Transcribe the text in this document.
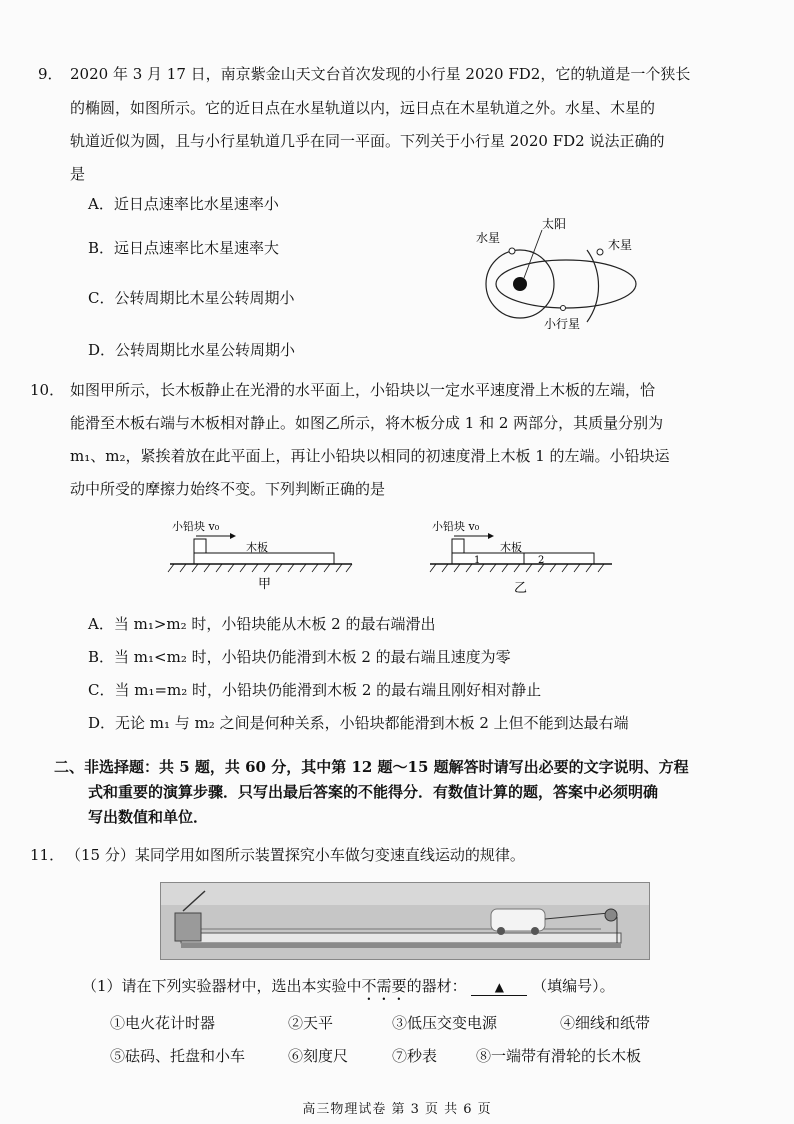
9． 2020 年 3 月 17 日，南京紫金山天文台首次发现的小行星 2020 FD2，它的轨道是一个狭长
的椭圆，如图所示。它的近日点在水星轨道以内，远日点在木星轨道之外。水星、木星的
轨道近似为圆，且与小行星轨道几乎在同一平面。下列关于小行星 2020 FD2 说法正确的
是
A．近日点速率比水星速率小
B．远日点速率比木星速率大
C．公转周期比木星公转周期小
D．公转周期比水星公转周期小
水星
太阳
木星
小行星
10． 如图甲所示，长木板静止在光滑的水平面上，小铅块以一定水平速度滑上木板的左端，恰
能滑至木板右端与木板相对静止。如图乙所示，将木板分成 1 和 2 两部分，其质量分别为
m₁、m₂，紧挨着放在此平面上，再让小铅块以相同的初速度滑上木板 1 的左端。小铅块运
动中所受的摩擦力始终不变。下列判断正确的是
小铅块 v₀
木板
甲
小铅块 v₀
木板
1	2
乙
A．当 m₁>m₂ 时，小铅块能从木板 2 的最右端滑出
B．当 m₁<m₂ 时，小铅块仍能滑到木板 2 的最右端且速度为零
C．当 m₁=m₂ 时，小铅块仍能滑到木板 2 的最右端且刚好相对静止
D．无论 m₁ 与 m₂ 之间是何种关系，小铅块都能滑到木板 2 上但不能到达最右端
二、非选择题：共 5 题，共 60 分，其中第 12 题～15 题解答时请写出必要的文字说明、方程
式和重要的演算步骤．只写出最后答案的不能得分．有数值计算的题，答案中必须明确
写出数值和单位．
11． （15 分）某同学用如图所示装置探究小车做匀变速直线运动的规律。
（1）请在下列实验器材中，选出本实验中不需要的器材： ▲ （填编号）。
①电火花计时器	②天平	③低压交变电源	④细线和纸带
⑤砝码、托盘和小车	⑥刻度尺	⑦秒表	⑧一端带有滑轮的长木板
高三物理试卷 第 3 页 共 6 页
